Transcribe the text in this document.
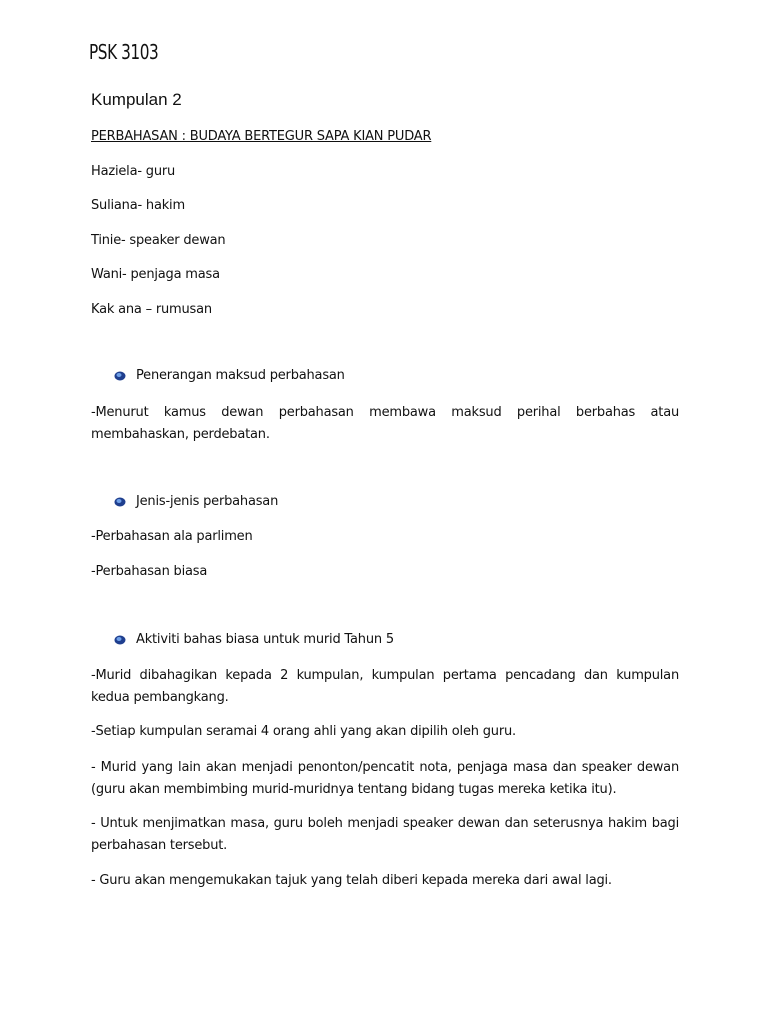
PSK 3103
Kumpulan 2
PERBAHASAN : BUDAYA BERTEGUR SAPA KIAN PUDAR
Haziela- guru
Suliana- hakim
Tinie- speaker dewan
Wani- penjaga masa
Kak ana – rumusan
Penerangan maksud perbahasan
-Menurut kamus dewan perbahasan membawa maksud perihal berbahas atau membahaskan, perdebatan.
Jenis-jenis perbahasan
-Perbahasan ala parlimen
-Perbahasan biasa
Aktiviti bahas biasa untuk murid Tahun 5
-Murid dibahagikan kepada 2 kumpulan, kumpulan pertama pencadang dan kumpulan kedua pembangkang.
-Setiap kumpulan seramai 4 orang ahli yang akan dipilih oleh guru.
- Murid yang lain akan menjadi penonton/pencatit nota, penjaga masa dan speaker dewan (guru akan membimbing murid-muridnya tentang bidang tugas mereka ketika itu).
- Untuk menjimatkan masa, guru boleh menjadi speaker dewan dan seterusnya hakim bagi perbahasan tersebut.
- Guru akan mengemukakan tajuk yang telah diberi kepada mereka dari awal lagi.
